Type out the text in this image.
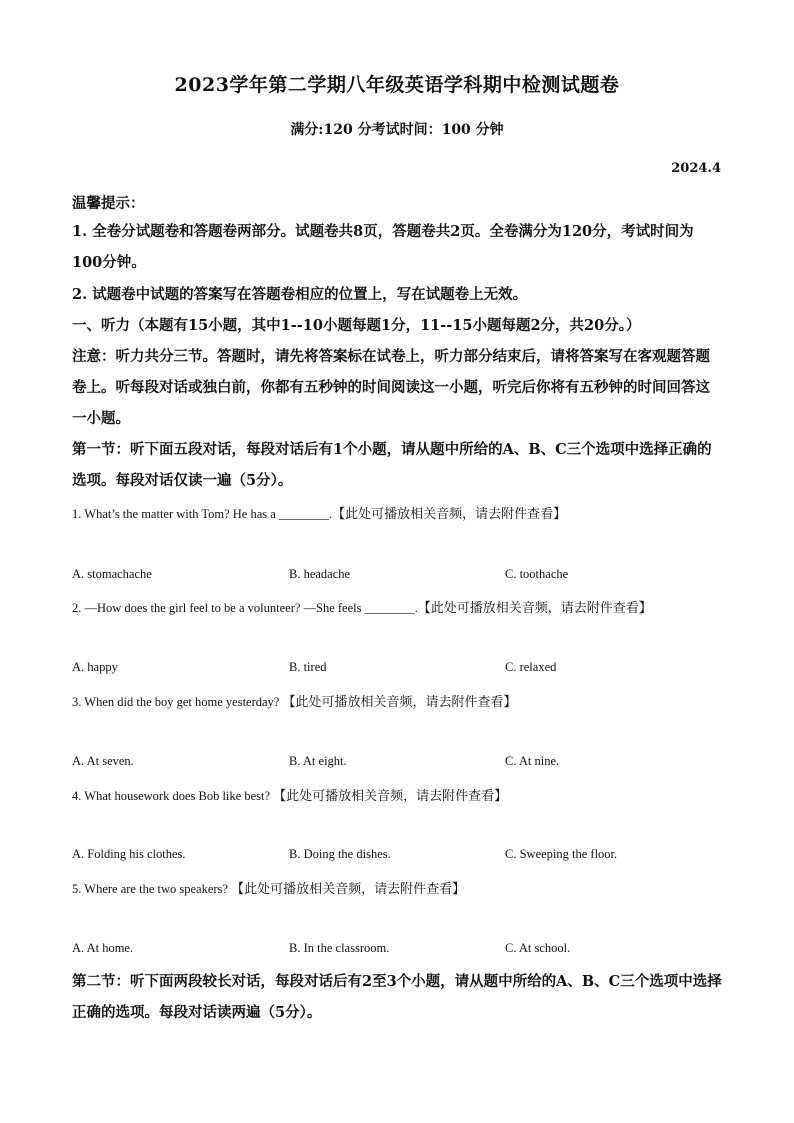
2023学年第二学期八年级英语学科期中检测试题卷
满分:120 分考试时间：100 分钟
2024.4
温馨提示：
1. 全卷分试题卷和答题卷两部分。试题卷共8页，答题卷共2页。全卷满分为120分，考试时间为100分钟。
2. 试题卷中试题的答案写在答题卷相应的位置上，写在试题卷上无效。
一、听力（本题有15小题，其中1--10小题每题1分，11--15小题每题2分，共20分。）
注意：听力共分三节。答题时，请先将答案标在试卷上，听力部分结束后，请将答案写在客观题答题卷上。听每段对话或独白前，你都有五秒钟的时间阅读这一小题，听完后你将有五秒钟的时间回答这一小题。
第一节：听下面五段对话，每段对话后有1个小题，请从题中所给的A、B、C三个选项中选择正确的选项。每段对话仅读一遍（5分）。
1. What’s the matter with Tom? He has a ________.【此处可播放相关音频，请去附件查看】
A. stomachache	B. headache	C. toothache
2. —How does the girl feel to be a volunteer? —She feels ________.【此处可播放相关音频，请去附件查看】
A. happy	B. tired	C. relaxed
3. When did the boy get home yesterday? 【此处可播放相关音频，请去附件查看】
A. At seven.	B. At eight.	C. At nine.
4. What housework does Bob like best? 【此处可播放相关音频，请去附件查看】
A. Folding his clothes.	B. Doing the dishes.	C. Sweeping the floor.
5. Where are the two speakers? 【此处可播放相关音频，请去附件查看】
A. At home.	B. In the classroom.	C. At school.
第二节：听下面两段较长对话，每段对话后有2至3个小题，请从题中所给的A、B、C三个选项中选择正确的选项。每段对话读两遍（5分）。
